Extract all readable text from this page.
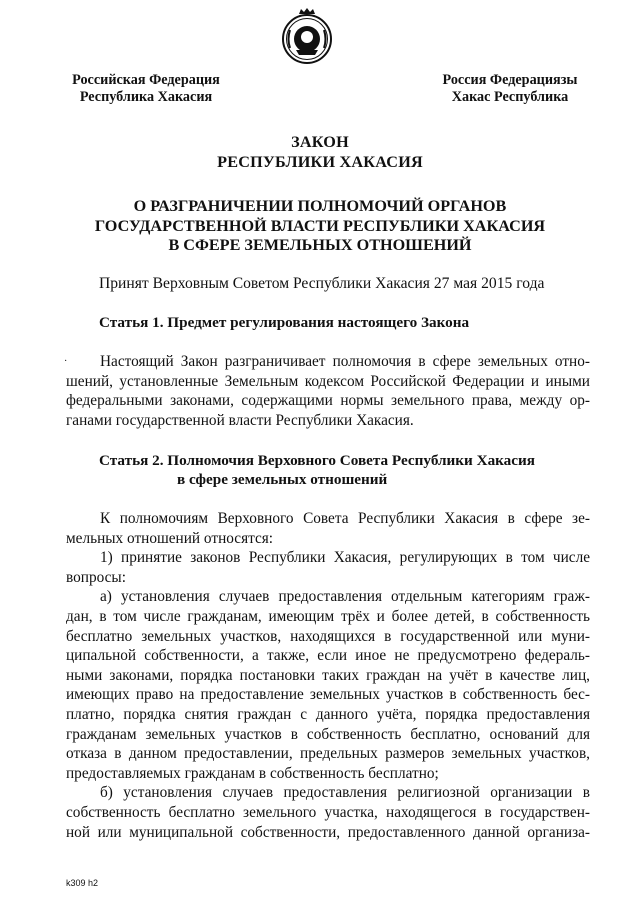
Российская Федерация
Республика Хакасия
Россия Федерациязы
Хакас Республика
ЗАКОН
РЕСПУБЛИКИ ХАКАСИЯ
О РАЗГРАНИЧЕНИИ ПОЛНОМОЧИЙ ОРГАНОВ
ГОСУДАРСТВЕННОЙ ВЛАСТИ РЕСПУБЛИКИ ХАКАСИЯ
В СФЕРЕ ЗЕМЕЛЬНЫХ ОТНОШЕНИЙ
Принят Верховным Советом Республики Хакасия 27 мая 2015 года
Статья 1. Предмет регулирования настоящего Закона
·	Настоящий Закон разграничивает полномочия в сфере земельных отно-
шений, установленные Земельным кодексом Российской Федерации и иными
федеральными законами, содержащими нормы земельного права, между ор-
ганами государственной власти Республики Хакасия.
Статья 2. Полномочия Верховного Совета Республики Хакасия
в сфере земельных отношений
К полномочиям Верховного Совета Республики Хакасия в сфере зе-
мельных отношений относятся:
1) принятие законов Республики Хакасия, регулирующих в том числе
вопросы:
а) установления случаев предоставления отдельным категориям граж-
дан, в том числе гражданам, имеющим трёх и более детей, в собственность
бесплатно земельных участков, находящихся в государственной или муни-
ципальной собственности, а также, если иное не предусмотрено федераль-
ными законами, порядка постановки таких граждан на учёт в качестве лиц,
имеющих право на предоставление земельных участков в собственность бес-
платно, порядка снятия граждан с данного учёта, порядка предоставления
гражданам земельных участков в собственность бесплатно, оснований для
отказа в данном предоставлении, предельных размеров земельных участков,
предоставляемых гражданам в собственность бесплатно;
б) установления случаев предоставления религиозной организации в
собственность бесплатно земельного участка, находящегося в государствен-
ной или муниципальной собственности, предоставленного данной организа-
k309 h2
